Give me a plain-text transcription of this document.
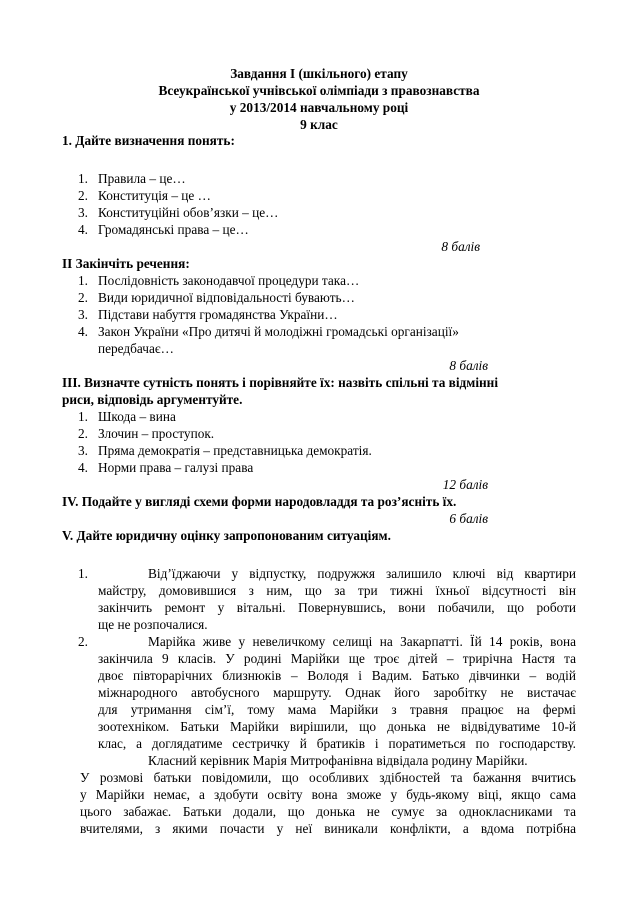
Завдання І (шкільного) етапу
Всеукраїнської учнівської олімпіади з правознавства
у 2013/2014 навчальному році
9 клас
1. Дайте визначення понять:
1. Правила – це…
2. Конституція – це …
3. Конституційні обов’язки – це…
4. Громадянські права – це…
8 балів
ІІ Закінчіть речення:
1. Послідовність законодавчої процедури така…
2. Види юридичної відповідальності бувають…
3. Підстави набуття громадянства України…
4. Закон України «Про дитячі й молодіжні громадські організації»
передбачає…
8 балів
ІІІ. Визначте сутність понять і порівняйте їх: назвіть спільні та відмінні
риси, відповідь аргументуйте.
1. Шкода – вина
2. Злочин – проступок.
3. Пряма демократія – представницька демократія.
4. Норми права – галузі права
12 балів
ІV. Подайте у вигляді схеми форми народовладдя та роз’ясніть їх.
6 балів
V. Дайте юридичну оцінку запропонованим ситуаціям.
1.	Від’їджаючи у відпустку, подружжя залишило ключі від квартири
майстру, домовившися з ним, що за три тижні їхньої відсутності він
закінчить ремонт у вітальні. Повернувшись, вони побачили, що роботи
ще не розпочалися.
2.	Марійка живе у невеличкому селищі на Закарпатті. Їй 14 років, вона
закінчила 9 класів. У родині Марійки ще троє дітей – трирічна Настя та
двоє півторарічних близнюків – Володя і Вадим. Батько дівчинки – водій
міжнародного автобусного маршруту. Однак його заробітку не вистачає
для утримання сім’ї, тому мама Марійки з травня працює на фермі
зоотехніком. Батьки Марійки вирішили, що донька не відвідуватиме 10-й
клас, а доглядатиме сестричку й братиків і поратиметься по господарству.
Класний керівник Марія Митрофанівна відвідала родину Марійки.
У розмові батьки повідомили, що особливих здібностей та бажання вчитись
у Марійки немає, а здобути освіту вона зможе у будь-якому віці, якщо сама
цього забажає. Батьки додали, що донька не сумує за однокласниками та
вчителями, з якими почасти у неї виникали конфлікти, а вдома потрібна
